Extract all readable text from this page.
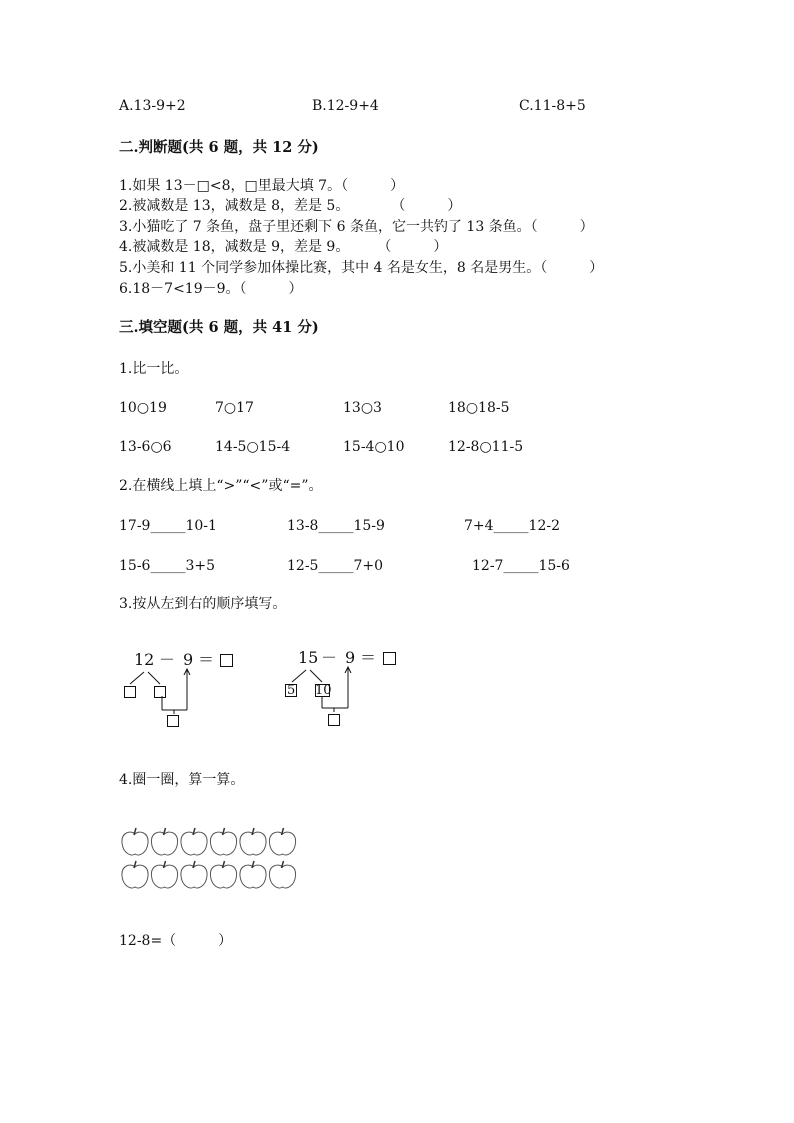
A.13-9+2	B.12-9+4	C.11-8+5
二.判断题(共 6 题，共 12 分)
1.如果 13－□<8，□里最大填 7。（　　　）
2.被减数是 13，减数是 8，差是 5。　　　　（　　　）
3.小猫吃了 7 条鱼，盘子里还剩下 6 条鱼，它一共钓了 13 条鱼。（　　　）
4.被减数是 18，减数是 9，差是 9。　　　（　　　）
5.小美和 11 个同学参加体操比赛，其中 4 名是女生，8 名是男生。（　　　）
6.18－7<19－9。（　　　）
三.填空题(共 6 题，共 41 分)
1.比一比。
10○19	7○17	13○3	18○18-5
13-6○6	14-5○15-4	15-4○10	12-8○11-5
2.在横线上填上“>”“<”或“=”。
17-9_____10-1	13-8_____15-9	7+4_____12-2
15-6_____3+5	12-5_____7+0	12-7_____15-6
3.按从左到右的顺序填写。
12 － 9 ＝	15 － 9 ＝
5 10
4.圈一圈，算一算。
12-8=（　　　）
